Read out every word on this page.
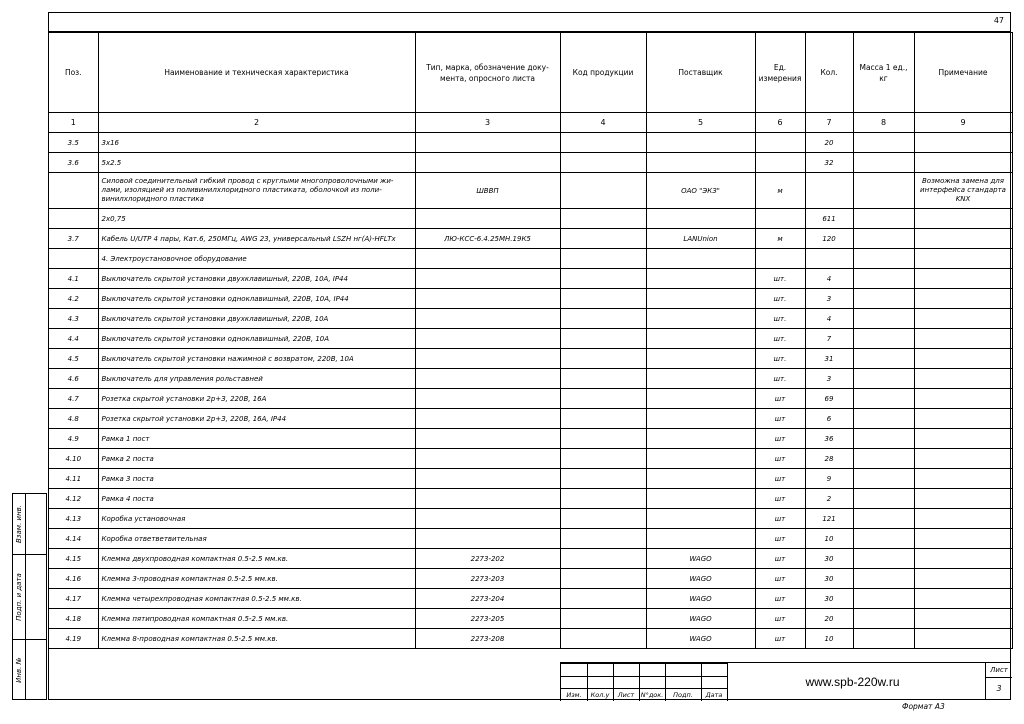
47
Поз.	Наименование и техническая характеристика	Тип, марка, обозначение доку-мента, опросного листа	Код продукции	Поставщик	Ед. измерения	Кол.	Масса 1 ед., кг	Примечание
1	2	3	4	5	6	7	8	9
3.5	3x16					20		
3.6	5x2.5					32		
	Силовой соединительный гибкий провод с круглыми многопроволочными жи-лами, изоляцией из поливинилхлоридного пластиката, оболочкой из поли-винилхлоридного пластика	ШВВП		ОАО "ЭКЗ"	м			Возможна замена для интерфейса стандарта KNX
	2x0,75					611		
3.7	Кабель U/UTP 4 пары, Кат.6, 250МГц, AWG 23, универсальный LSZH нг(А)-HFLTx	ЛЮ-КСС-6.4.25МН.19К5		LANUnion	м	120		
	4. Электроустановочное оборудование							
4.1	Выключатель скрытой установки двухклавишный, 220В, 10А, IP44				шт.	4		
4.2	Выключатель скрытой установки одноклавишный, 220В, 10А, IP44				шт.	3		
4.3	Выключатель скрытой установки двухклавишный, 220В, 10А				шт.	4		
4.4	Выключатель скрытой установки одноклавишный, 220В, 10А				шт.	7		
4.5	Выключатель скрытой установки нажимной с возвратом, 220В, 10А				шт.	31		
4.6	Выключатель для управления рольставней				шт.	3		
4.7	Розетка скрытой установки 2р+З, 220В, 16А				шт	69		
4.8	Розетка скрытой установки 2р+З, 220В, 16А, IP44				шт	6		
4.9	Рамка 1 пост				шт	36		
4.10	Рамка 2 поста				шт	28		
4.11	Рамка 3 поста				шт	9		
4.12	Рамка 4 поста				шт	2		
4.13	Коробка установочная				шт	121		
4.14	Коробка ответветвительная				шт	10		
4.15	Клемма двухпроводная компактная 0.5-2.5 мм.кв.	2273-202		WAGO	шт	30		
4.16	Клемма 3-проводная компактная 0.5-2.5 мм.кв.	2273-203		WAGO	шт	30		
4.17	Клемма четырехпроводная компактная 0.5-2.5 мм.кв.	2273-204		WAGO	шт	30		
4.18	Клемма пятипроводная компактная 0.5-2.5 мм.кв.	2273-205		WAGO	шт	20		
4.19	Клемма 8-проводная компактная 0.5-2.5 мм.кв.	2273-208		WAGO	шт	10		
Взам. инв.
Подп. и дата
Инв. №
Изм.	Кол.у	Лист N°док.	Подп.	Дата
www.spb-220w.ru
Лист
3
Формат А3
